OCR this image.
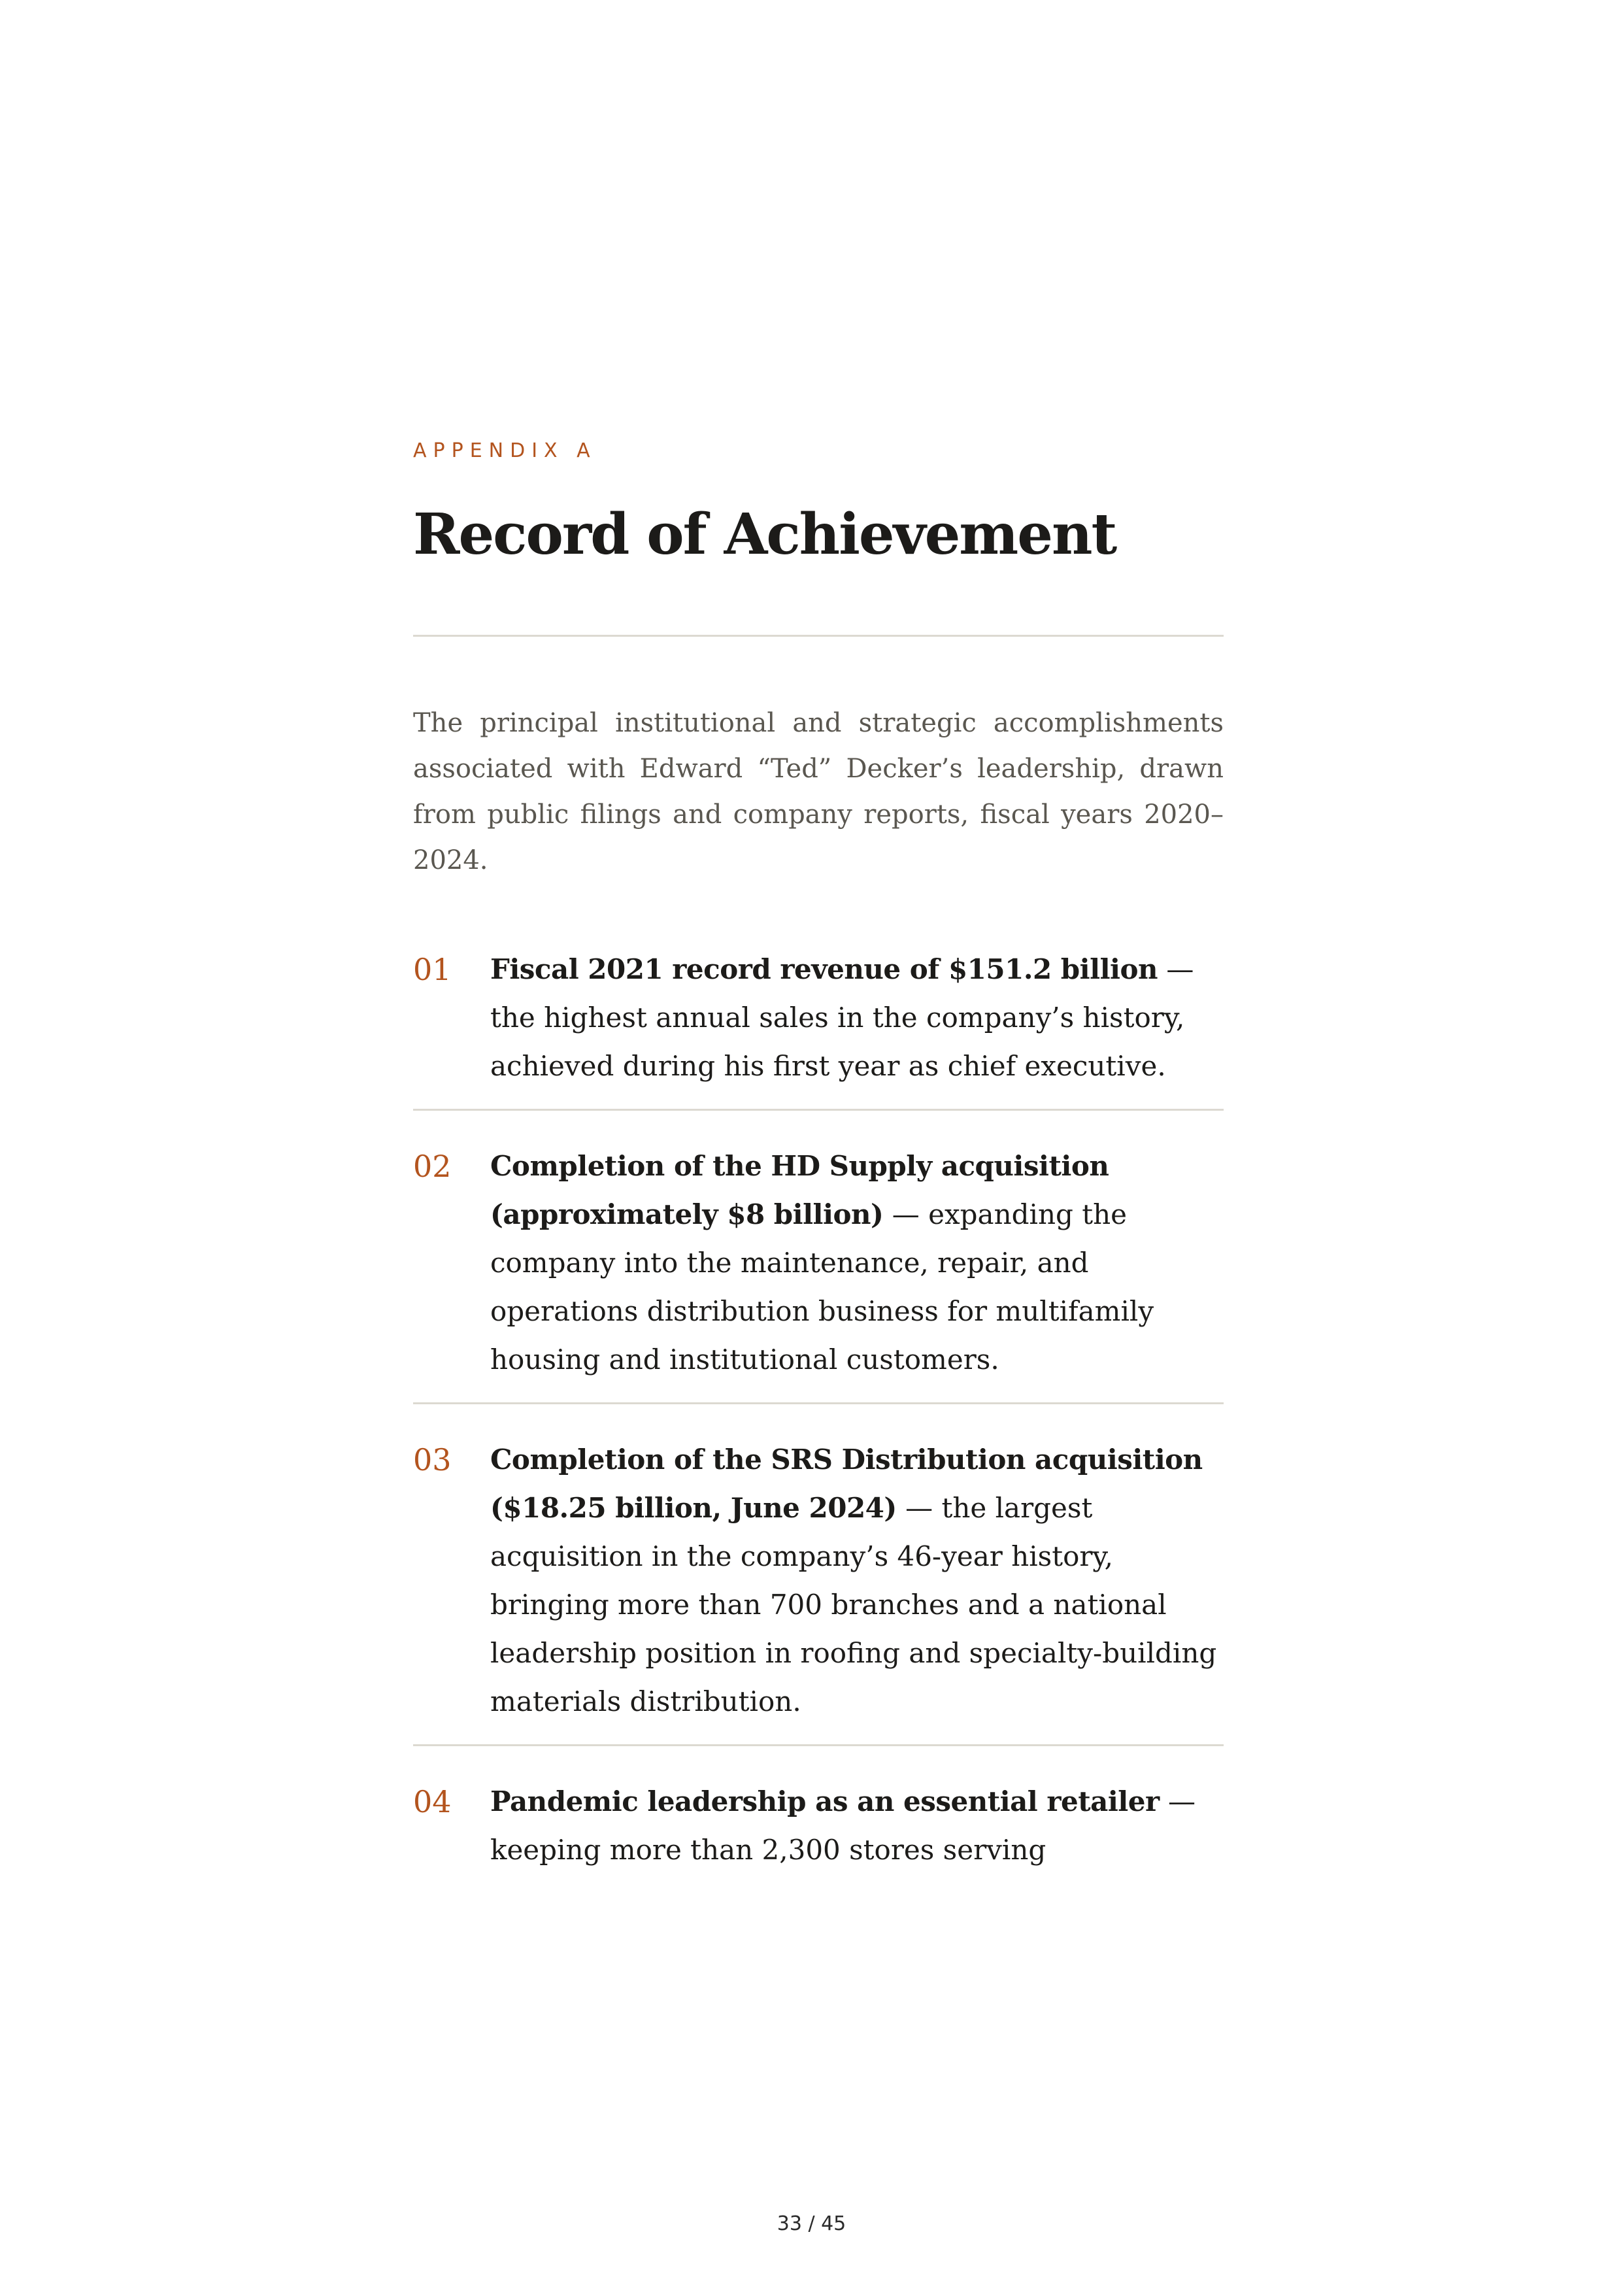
APPENDIX A

Record of Achievement

The principal institutional and strategic accomplishments associated with Edward “Ted” Decker’s leadership, drawn from public filings and company reports, fiscal years 2020–2024.

01	Fiscal 2021 record revenue of $151.2 billion — the highest annual sales in the company’s history, achieved during his first year as chief executive.
02	Completion of the HD Supply acquisition (approximately $8 billion) — expanding the company into the maintenance, repair, and operations distribution business for multifamily housing and institutional customers.
03	Completion of the SRS Distribution acquisition ($18.25 billion, June 2024) — the largest acquisition in the company’s 46-year history, bringing more than 700 branches and a national leadership position in roofing and specialty-building materials distribution.
04	Pandemic leadership as an essential retailer — keeping more than 2,300 stores serving
33 / 45
